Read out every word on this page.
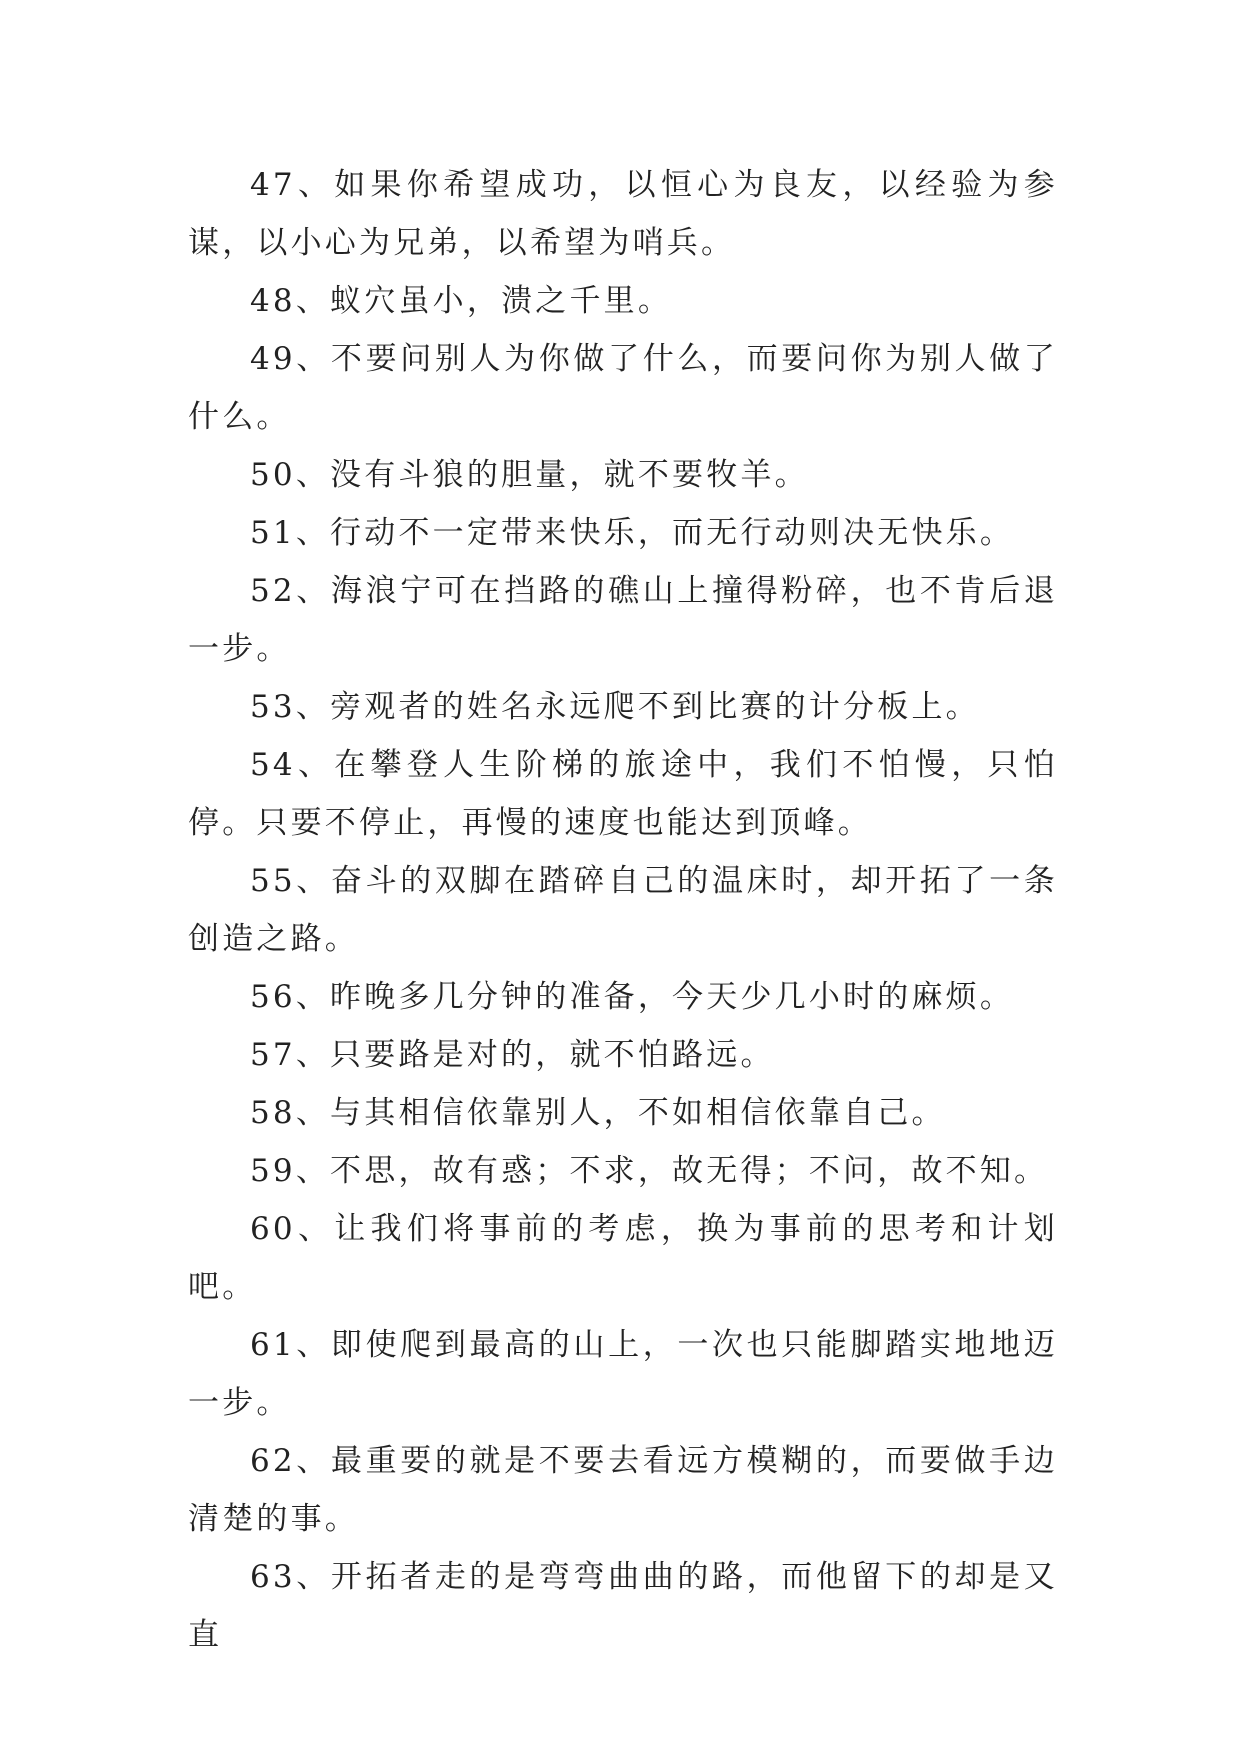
47、如果你希望成功，以恒心为良友，以经验为参谋，以小心为兄弟，以希望为哨兵。

48、蚁穴虽小，溃之千里。

49、不要问别人为你做了什么，而要问你为别人做了什么。

50、没有斗狼的胆量，就不要牧羊。

51、行动不一定带来快乐，而无行动则决无快乐。

52、海浪宁可在挡路的礁山上撞得粉碎，也不肯后退一步。

53、旁观者的姓名永远爬不到比赛的计分板上。

54、在攀登人生阶梯的旅途中，我们不怕慢，只怕停。只要不停止，再慢的速度也能达到顶峰。

55、奋斗的双脚在踏碎自己的温床时，却开拓了一条创造之路。

56、昨晚多几分钟的准备，今天少几小时的麻烦。

57、只要路是对的，就不怕路远。

58、与其相信依靠别人，不如相信依靠自己。

59、不思，故有惑；不求，故无得；不问，故不知。

60、让我们将事前的考虑，换为事前的思考和计划吧。

61、即使爬到最高的山上，一次也只能脚踏实地地迈一步。

62、最重要的就是不要去看远方模糊的，而要做手边清楚的事。

63、开拓者走的是弯弯曲曲的路，而他留下的却是又直
